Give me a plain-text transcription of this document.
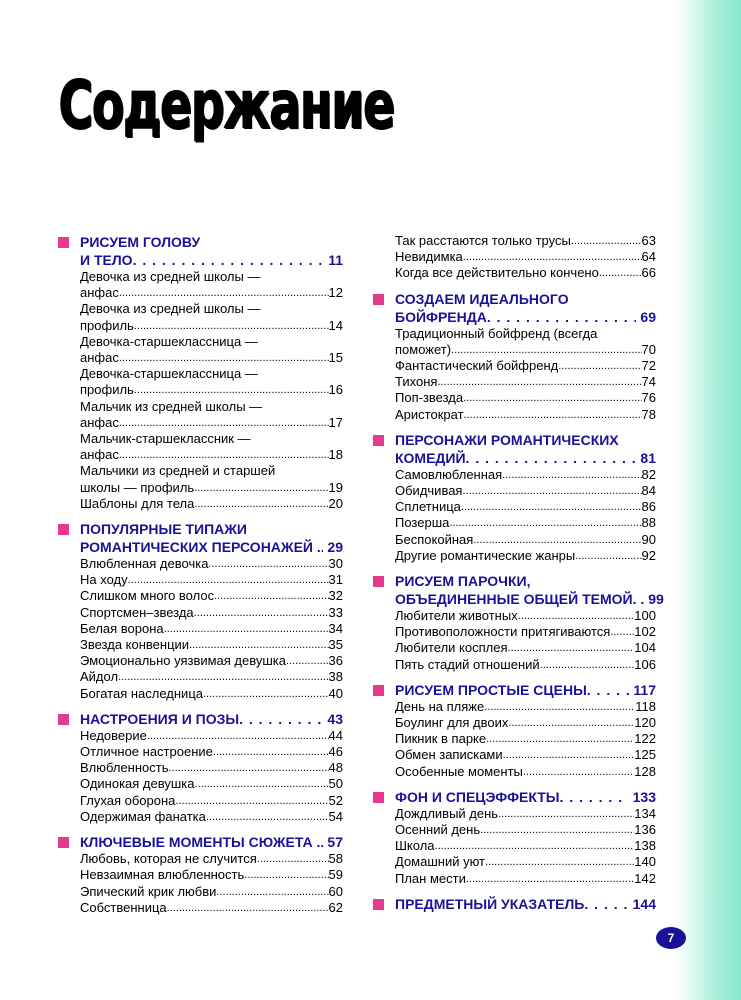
Содержание
РИСУЕМ ГОЛОВУ
И ТЕЛО . . .	11
Девочка из средней школы —
анфас .....	12
Девочка из средней школы —
профиль .....	14
Девочка-старшеклассница —
анфас .....	15
Девочка-старшеклассница —
профиль .....	16
Мальчик из средней школы —
анфас .....	17
Мальчик-старшеклассник —
анфас .....	18
Мальчики из средней и старшей
школы — профиль .....	19
Шаблоны для тела .....	20
ПОПУЛЯРНЫЕ ТИПАЖИ
РОМАНТИЧЕСКИХ ПЕРСОНАЖЕЙ . . . . 29
Влюбленная девочка .....	30
На ходу .....	31
Слишком много волос .....	32
Спортсмен–звезда .....	33
Белая ворона .....	34
Звезда конвенции .....	35
Эмоционально уязвимая девушка .....	36
Айдол .....	38
Богатая наследница .....	40
НАСТРОЕНИЯ И ПОЗЫ . . .	43
Недоверие .....	44
Отличное настроение .....	46
Влюбленность .....	48
Одинокая девушка .....	50
Глухая оборона .....	52
Одержимая фанатка .....	54
КЛЮЧЕВЫЕ МОМЕНТЫ СЮЖЕТА . . . . 57
Любовь, которая не случится .....	58
Невзаимная влюбленность .....	59
Эпический крик любви .....	60
Собственница .....	62
Так расстаются только трусы .....	63
Невидимка .....	64
Когда все действительно кончено .....	66
СОЗДАЕМ ИДЕАЛЬНОГО
БОЙФРЕНДА . . .	69
Традиционный бойфренд (всегда
поможет) .....	70
Фантастический бойфренд .....	72
Тихоня .....	74
Поп-звезда .....	76
Аристократ .....	78
ПЕРСОНАЖИ РОМАНТИЧЕСКИХ
КОМЕДИЙ . . .	81
Самовлюбленная .....	82
Обидчивая .....	84
Сплетница .....	86
Позерша .....	88
Беспокойная .....	90
Другие романтические жанры .....	92
РИСУЕМ ПАРОЧКИ,
ОБЪЕДИНЕННЫЕ ОБЩЕЙ ТЕМОЙ. . 99
Любители животных .....	100
Противоположности притягиваются ..... 102
Любители косплея .....	104
Пять стадий отношений .....	106
РИСУЕМ ПРОСТЫЕ СЦЕНЫ . . .	117
День на пляже .....	118
Боулинг для двоих .....	120
Пикник в парке .....	122
Обмен записками .....	125
Особенные моменты .....	128
ФОН И СПЕЦЭФФЕКТЫ . . .	133
Дождливый день .....	134
Осенний день .....	136
Школа .....	138
Домашний уют .....	140
План мести .....	142
ПРЕДМЕТНЫЙ УКАЗАТЕЛЬ . . .	144
7
